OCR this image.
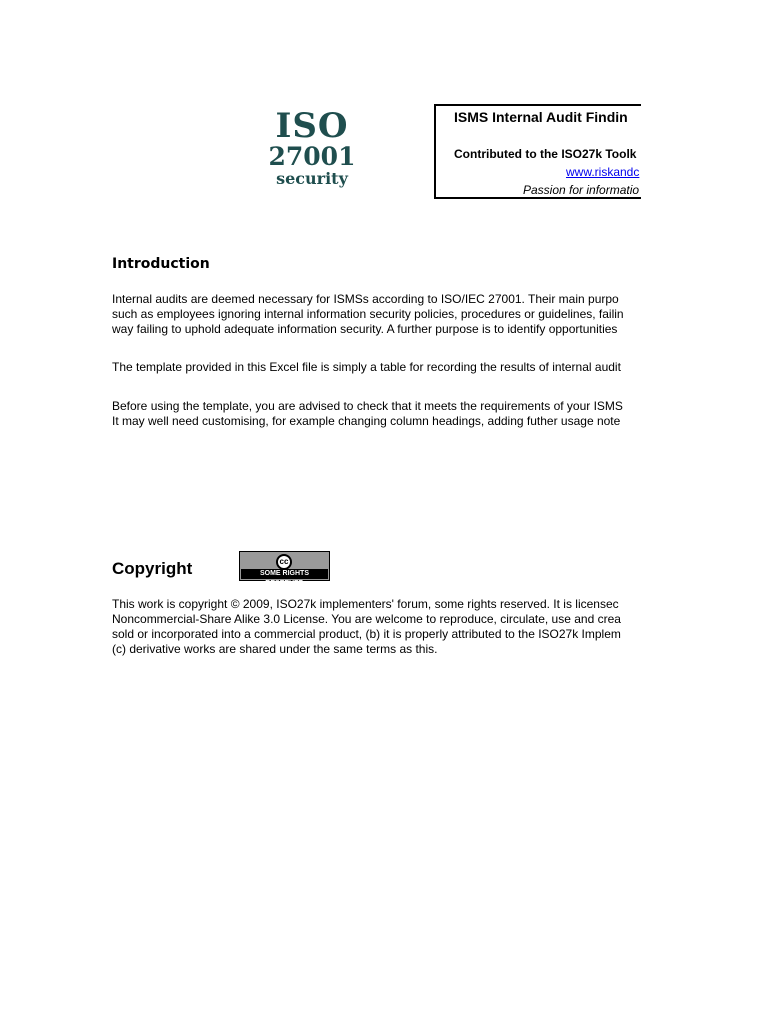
ISO
27001
security
ISMS Internal Audit Findin
Contributed to the ISO27k Toolk
www.riskandc
Passion for informatio
Introduction
Internal audits are deemed necessary for ISMSs according to ISO/IEC 27001. Their main purpo
such as employees ignoring internal information security policies, procedures or guidelines, failin
way failing to uphold adequate information security. A further purpose is to identify opportunities
The template provided in this Excel file is simply a table for recording the results of internal audit
Before using the template, you are advised to check that it meets the requirements of your ISMS
It may well need customising, for example changing column headings, adding futher usage note
Copyright	cc
SOME RIGHTS RESERVED
This work is copyright © 2009, ISO27k implementers' forum, some rights reserved. It is licensec
Noncommercial-Share Alike 3.0 License. You are welcome to reproduce, circulate, use and crea
sold or incorporated into a commercial product, (b) it is properly attributed to the ISO27k Implem
(c) derivative works are shared under the same terms as this.
